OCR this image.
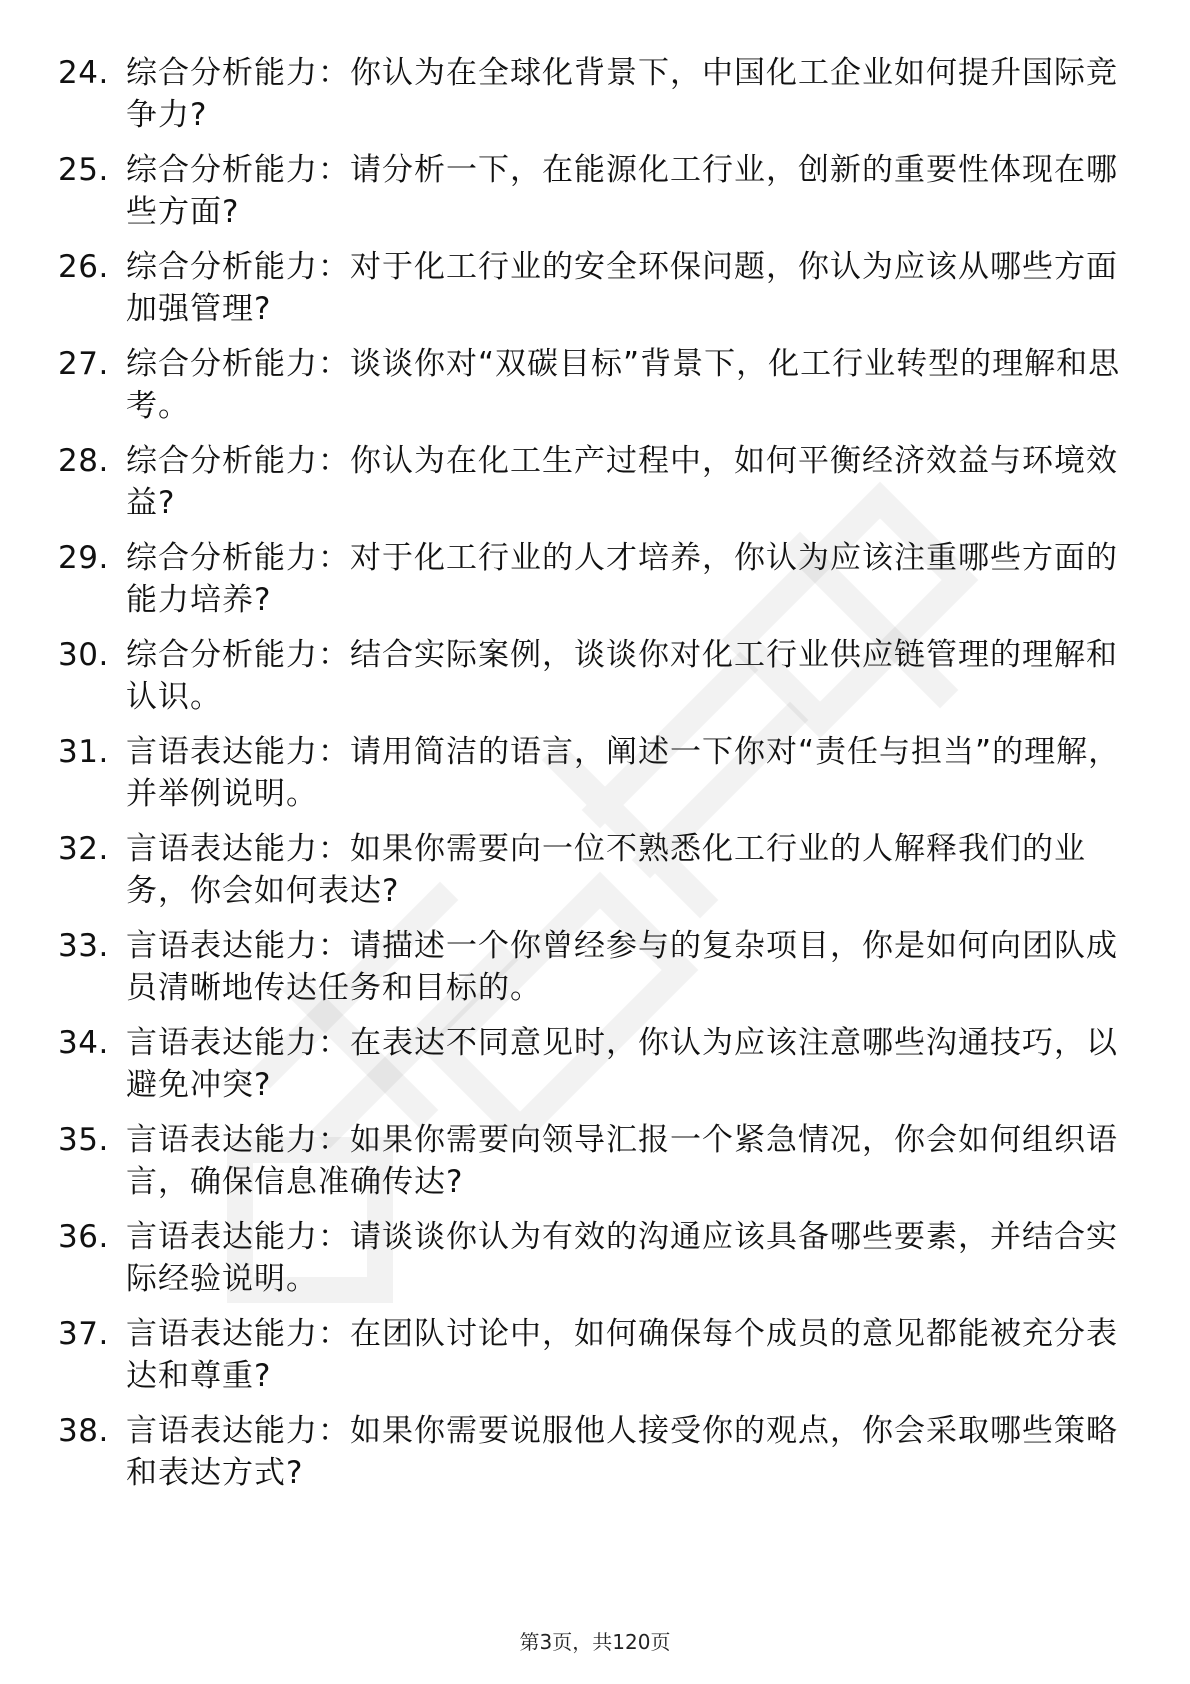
24. 综合分析能力：你认为在全球化背景下，中国化工企业如何提升国际竞争力?
25. 综合分析能力：请分析一下，在能源化工行业，创新的重要性体现在哪些方面?
26. 综合分析能力：对于化工行业的安全环保问题，你认为应该从哪些方面加强管理?
27. 综合分析能力：谈谈你对“双碳目标”背景下，化工行业转型的理解和思考。
28. 综合分析能力：你认为在化工生产过程中，如何平衡经济效益与环境效益?
29. 综合分析能力：对于化工行业的人才培养，你认为应该注重哪些方面的能力培养?
30. 综合分析能力：结合实际案例，谈谈你对化工行业供应链管理的理解和认识。
31. 言语表达能力：请用简洁的语言，阐述一下你对“责任与担当”的理解，并举例说明。
32. 言语表达能力：如果你需要向一位不熟悉化工行业的人解释我们的业务，你会如何表达?
33. 言语表达能力：请描述一个你曾经参与的复杂项目，你是如何向团队成员清晰地传达任务和目标的。
34. 言语表达能力：在表达不同意见时，你认为应该注意哪些沟通技巧，以避免冲突?
35. 言语表达能力：如果你需要向领导汇报一个紧急情况，你会如何组织语言，确保信息准确传达?
36. 言语表达能力：请谈谈你认为有效的沟通应该具备哪些要素，并结合实际经验说明。
37. 言语表达能力：在团队讨论中，如何确保每个成员的意见都能被充分表达和尊重?
38. 言语表达能力：如果你需要说服他人接受你的观点，你会采取哪些策略和表达方式?
第3页，共120页
